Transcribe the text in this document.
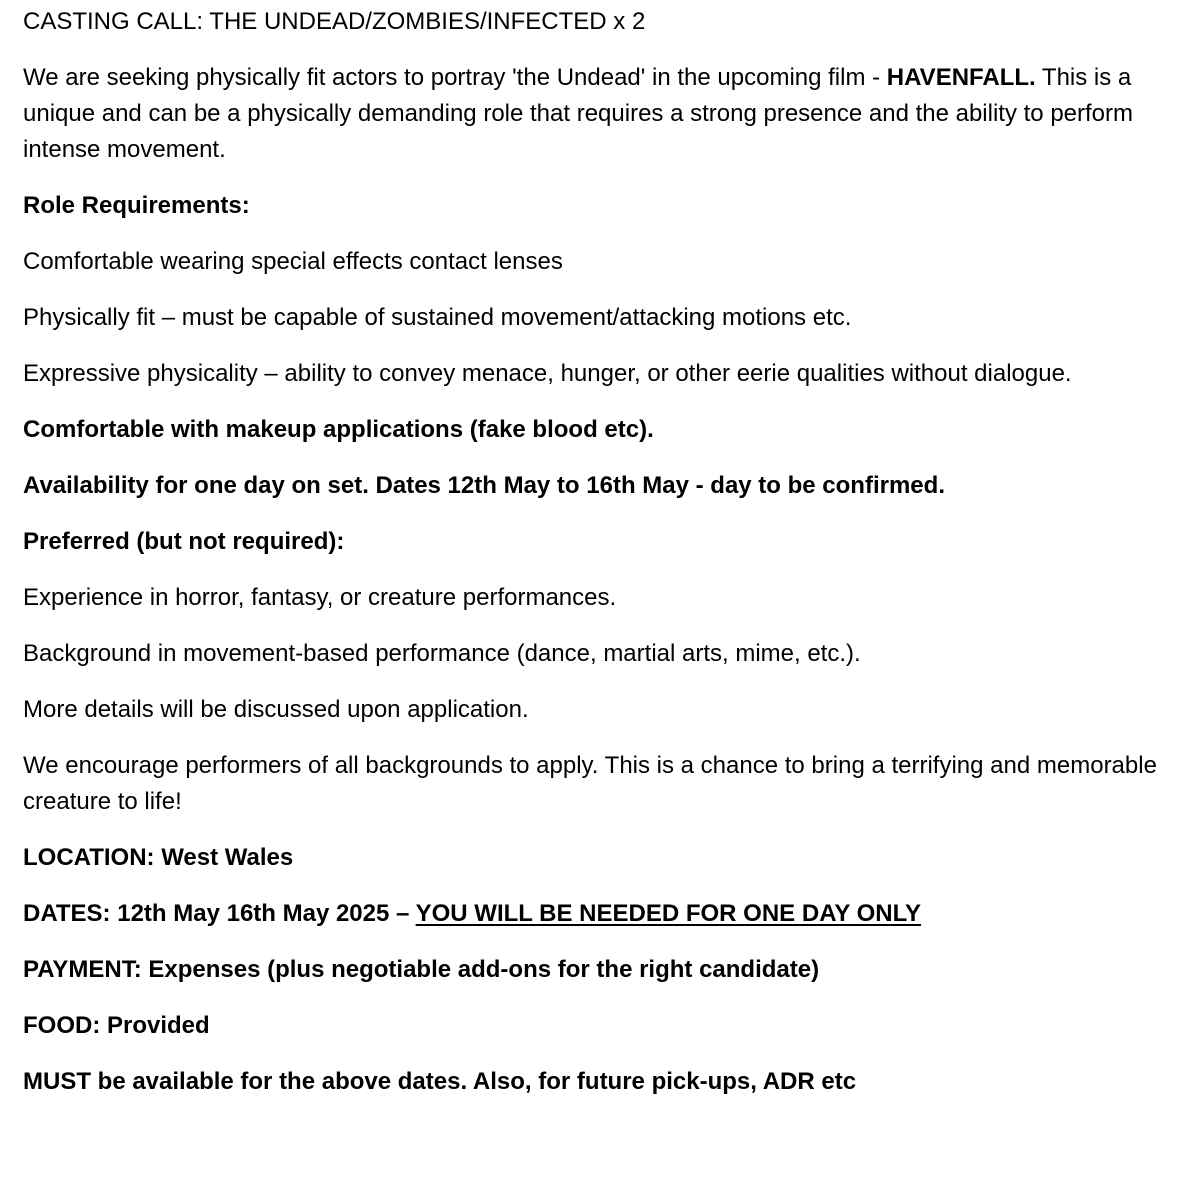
CASTING CALL: THE UNDEAD/ZOMBIES/INFECTED x 2

We are seeking physically fit actors to portray 'the Undead' in the upcoming film - HAVENFALL. This is a unique and can be a physically demanding role that requires a strong presence and the ability to perform intense movement.

Role Requirements:

Comfortable wearing special effects contact lenses

Physically fit – must be capable of sustained movement/attacking motions etc.

Expressive physicality – ability to convey menace, hunger, or other eerie qualities without dialogue.

Comfortable with makeup applications (fake blood etc).

Availability for one day on set. Dates 12th May to 16th May - day to be confirmed.

Preferred (but not required):

Experience in horror, fantasy, or creature performances.

Background in movement-based performance (dance, martial arts, mime, etc.).

More details will be discussed upon application.

We encourage performers of all backgrounds to apply. This is a chance to bring a terrifying and memorable creature to life!

LOCATION: West Wales

DATES: 12th May 16th May 2025 – YOU WILL BE NEEDED FOR ONE DAY ONLY

PAYMENT: Expenses (plus negotiable add-ons for the right candidate)

FOOD: Provided

MUST be available for the above dates. Also, for future pick-ups, ADR etc
